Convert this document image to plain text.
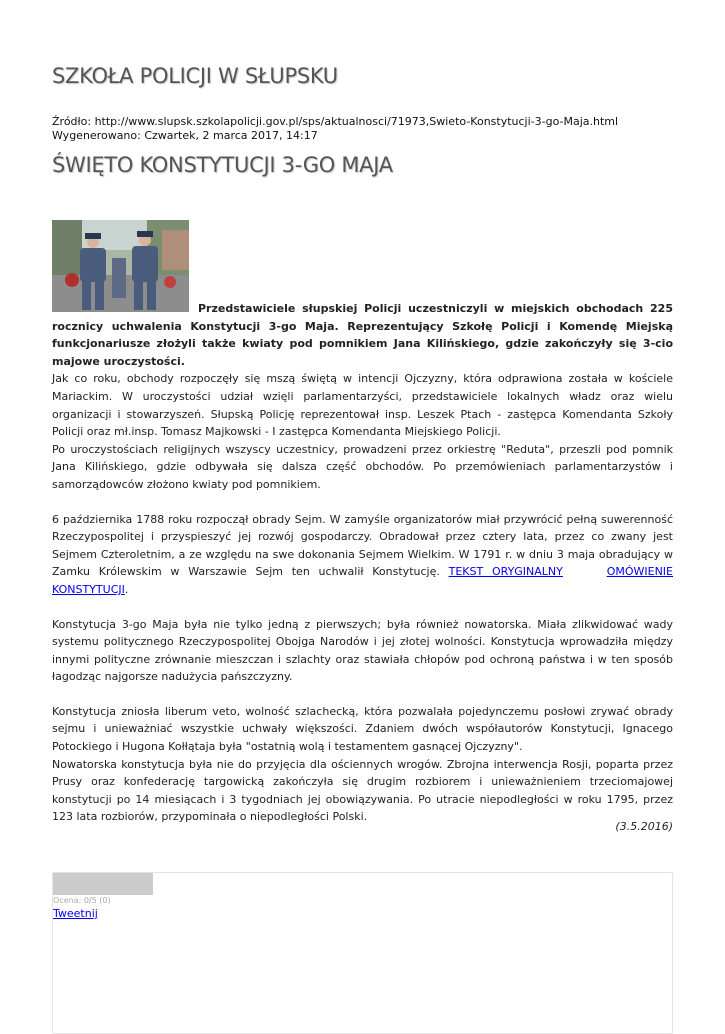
SZKOŁA POLICJI W SŁUPSKU
Źródło: http://www.slupsk.szkolapolicji.gov.pl/sps/aktualnosci/71973,Swieto-Konstytucji-3-go-Maja.html
Wygenerowano: Czwartek, 2 marca 2017, 14:17
ŚWIĘTO KONSTYTUCJI 3-GO MAJA

Przedstawiciele słupskiej Policji uczestniczyli w miejskich obchodach 225 rocznicy uchwalenia Konstytucji 3-go Maja. Reprezentujący Szkołę Policji i Komendę Miejską funkcjonariusze złożyli także kwiaty pod pomnikiem Jana Kilińskiego, gdzie zakończyły się 3-cio majowe uroczystości.

Jak co roku, obchody rozpoczęły się mszą świętą w intencji Ojczyzny, która odprawiona została w kościele Mariackim. W uroczystości udział wzięli parlamentarzyści, przedstawiciele lokalnych władz oraz wielu organizacji i stowarzyszeń. Słupską Policję reprezentował insp. Leszek Ptach - zastępca Komendanta Szkoły Policji oraz mł.insp. Tomasz Majkowski - I zastępca Komendanta Miejskiego Policji.

Po uroczystościach religijnych wszyscy uczestnicy, prowadzeni przez orkiestrę "Reduta", przeszli pod pomnik Jana Kilińskiego, gdzie odbywała się dalsza część obchodów. Po przemówieniach parlamentarzystów i samorządowców złożono kwiaty pod pomnikiem.

6 października 1788 roku rozpoczął obrady Sejm. W zamyśle organizatorów miał przywrócić pełną suwerenność Rzeczypospolitej i przyspieszyć jej rozwój gospodarczy. Obradował przez cztery lata, przez co zwany jest Sejmem Czteroletnim, a ze względu na swe dokonania Sejmem Wielkim. W 1791 r. w dniu 3 maja obradujący w Zamku Królewskim w Warszawie Sejm ten uchwalił Konstytucję. TEKST ORYGINALNY	OMÓWIENIE KONSTYTUCJI.

Konstytucja 3-go Maja była nie tylko jedną z pierwszych; była również nowatorska. Miała zlikwidować wady systemu politycznego Rzeczypospolitej Obojga Narodów i jej złotej wolności. Konstytucja wprowadziła między innymi polityczne zrównanie mieszczan i szlachty oraz stawiała chłopów pod ochroną państwa i w ten sposób łagodząc najgorsze nadużycia pańszczyzny.

Konstytucja zniosła liberum veto, wolność szlachecką, która pozwalała pojedynczemu posłowi zrywać obrady sejmu i unieważniać wszystkie uchwały większości. Zdaniem dwóch współautorów Konstytucji, Ignacego Potockiego i Hugona Kołłątaja była "ostatnią wolą i testamentem gasnącej Ojczyzny".

Nowatorska konstytucja była nie do przyjęcia dla ościennych wrogów. Zbrojna interwencja Rosji, poparta przez Prusy oraz konfederację targowicką zakończyła się drugim rozbiorem i unieważnieniem trzeciomajowej konstytucji po 14 miesiącach i 3 tygodniach jej obowiązywania. Po utracie niepodległości w roku 1795, przez 123 lata rozbiorów, przypominała o niepodległości Polski.

(3.5.2016)
Ocena: 0/5 (0)
Tweetnij
